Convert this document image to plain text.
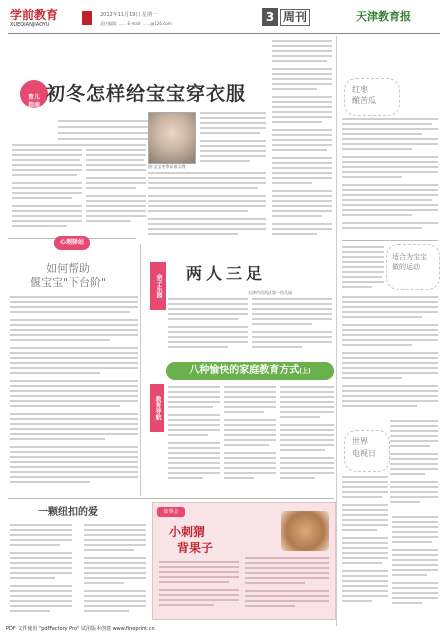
学前教育
XUEQIANJIAOYU
2012年11月19日 星期一
责任编辑: ...... E-mail: ......@126.com	3 周刊	天津教育报

育儿
指南

初冬怎样给宝宝穿衣服
图:宝宝冬季穿着示例
红枣
酿苦瓜
适合为宝宝
做的运动
世界
电视日
心理驿站
如何帮助
偃宝宝"下台阶"	亲子乐园
两人三足
天津市河西区第一幼儿园
八种愉快的家庭教育方式(上)
教育导航
一颗纽扣的爱	故事会
小刺猬
背果子
PDF 文件使用 "pdfFactory Pro" 试用版本创建 www.fineprint.cn
